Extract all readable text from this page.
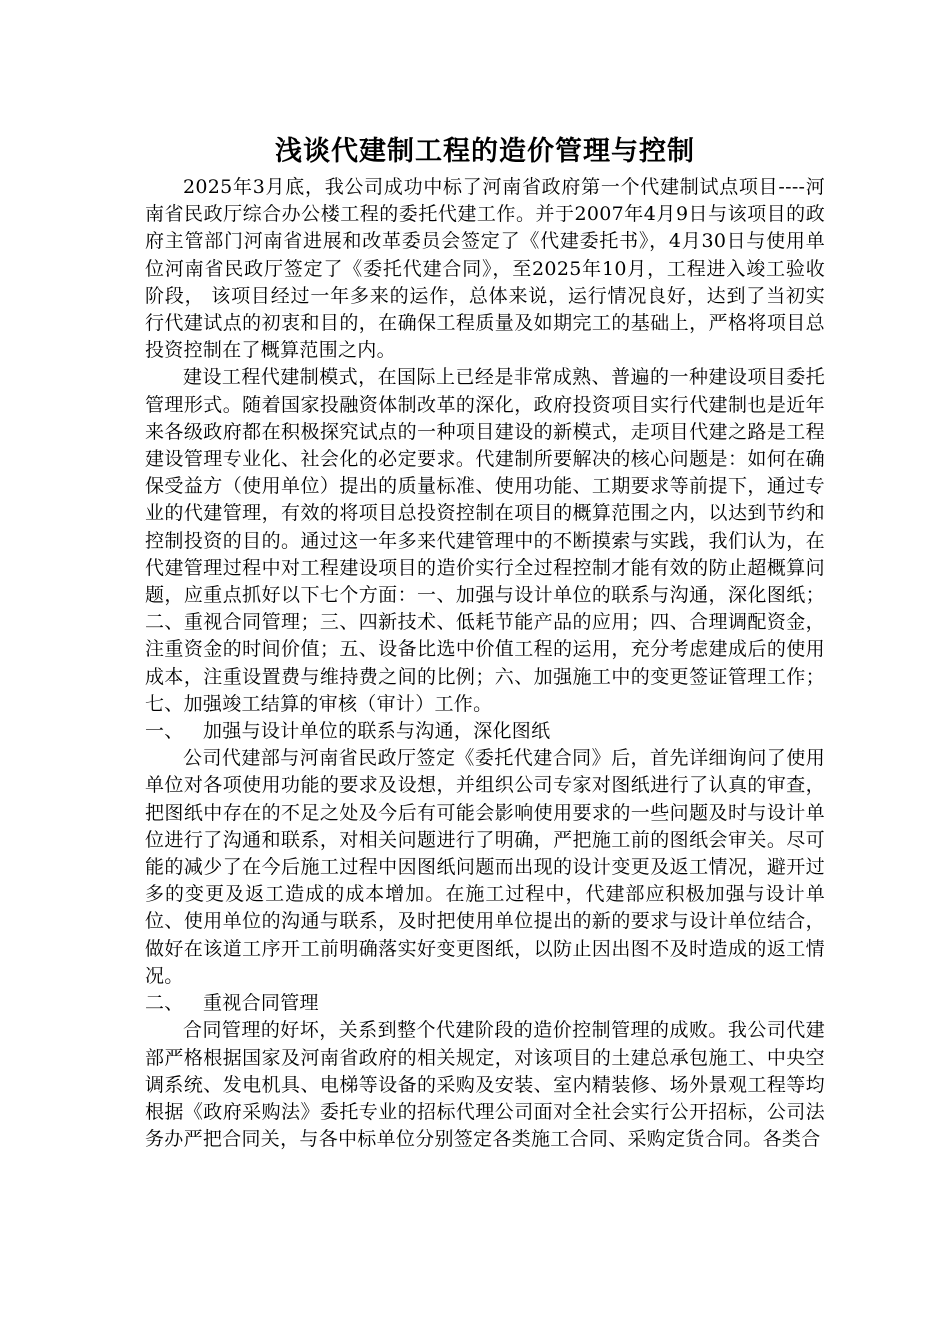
浅谈代建制工程的造价管理与控制

2025年3月底，我公司成功中标了河南省政府第一个代建制试点项目----河南省民政厅综合办公楼工程的委托代建工作。并于2007年4月9日与该项目的政府主管部门河南省进展和改革委员会签定了《代建委托书》，4月30日与使用单位河南省民政厅签定了《委托代建合同》，至2025年10月，工程进入竣工验收阶段， 该项目经过一年多来的运作，总体来说，运行情况良好，达到了当初实行代建试点的初衷和目的，在确保工程质量及如期完工的基础上，严格将项目总投资控制在了概算范围之内。

建设工程代建制模式，在国际上已经是非常成熟、普遍的一种建设项目委托管理形式。随着国家投融资体制改革的深化，政府投资项目实行代建制也是近年来各级政府都在积极探究试点的一种项目建设的新模式，走项目代建之路是工程建设管理专业化、社会化的必定要求。代建制所要解决的核心问题是：如何在确保受益方（使用单位）提出的质量标准、使用功能、工期要求等前提下，通过专业的代建管理，有效的将项目总投资控制在项目的概算范围之内，以达到节约和控制投资的目的。通过这一年多来代建管理中的不断摸索与实践，我们认为，在代建管理过程中对工程建设项目的造价实行全过程控制才能有效的防止超概算问题，应重点抓好以下七个方面：一、加强与设计单位的联系与沟通，深化图纸；二、重视合同管理；三、四新技术、低耗节能产品的应用；四、合理调配资金，注重资金的时间价值；五、设备比选中价值工程的运用，充分考虑建成后的使用成本，注重设置费与维持费之间的比例；六、加强施工中的变更签证管理工作；七、加强竣工结算的审核（审计）工作。

一、 加强与设计单位的联系与沟通，深化图纸

公司代建部与河南省民政厅签定《委托代建合同》后，首先详细询问了使用单位对各项使用功能的要求及设想，并组织公司专家对图纸进行了认真的审查，把图纸中存在的不足之处及今后有可能会影响使用要求的一些问题及时与设计单位进行了沟通和联系，对相关问题进行了明确，严把施工前的图纸会审关。尽可能的减少了在今后施工过程中因图纸问题而出现的设计变更及返工情况，避开过多的变更及返工造成的成本增加。在施工过程中，代建部应积极加强与设计单位、使用单位的沟通与联系，及时把使用单位提出的新的要求与设计单位结合，做好在该道工序开工前明确落实好变更图纸，以防止因出图不及时造成的返工情况。

二、 重视合同管理

合同管理的好坏，关系到整个代建阶段的造价控制管理的成败。我公司代建部严格根据国家及河南省政府的相关规定，对该项目的土建总承包施工、中央空调系统、发电机具、电梯等设备的采购及安装、室内精装修、场外景观工程等均根据《政府采购法》委托专业的招标代理公司面对全社会实行公开招标，公司法务办严把合同关，与各中标单位分别签定各类施工合同、采购定货合同。各类合
